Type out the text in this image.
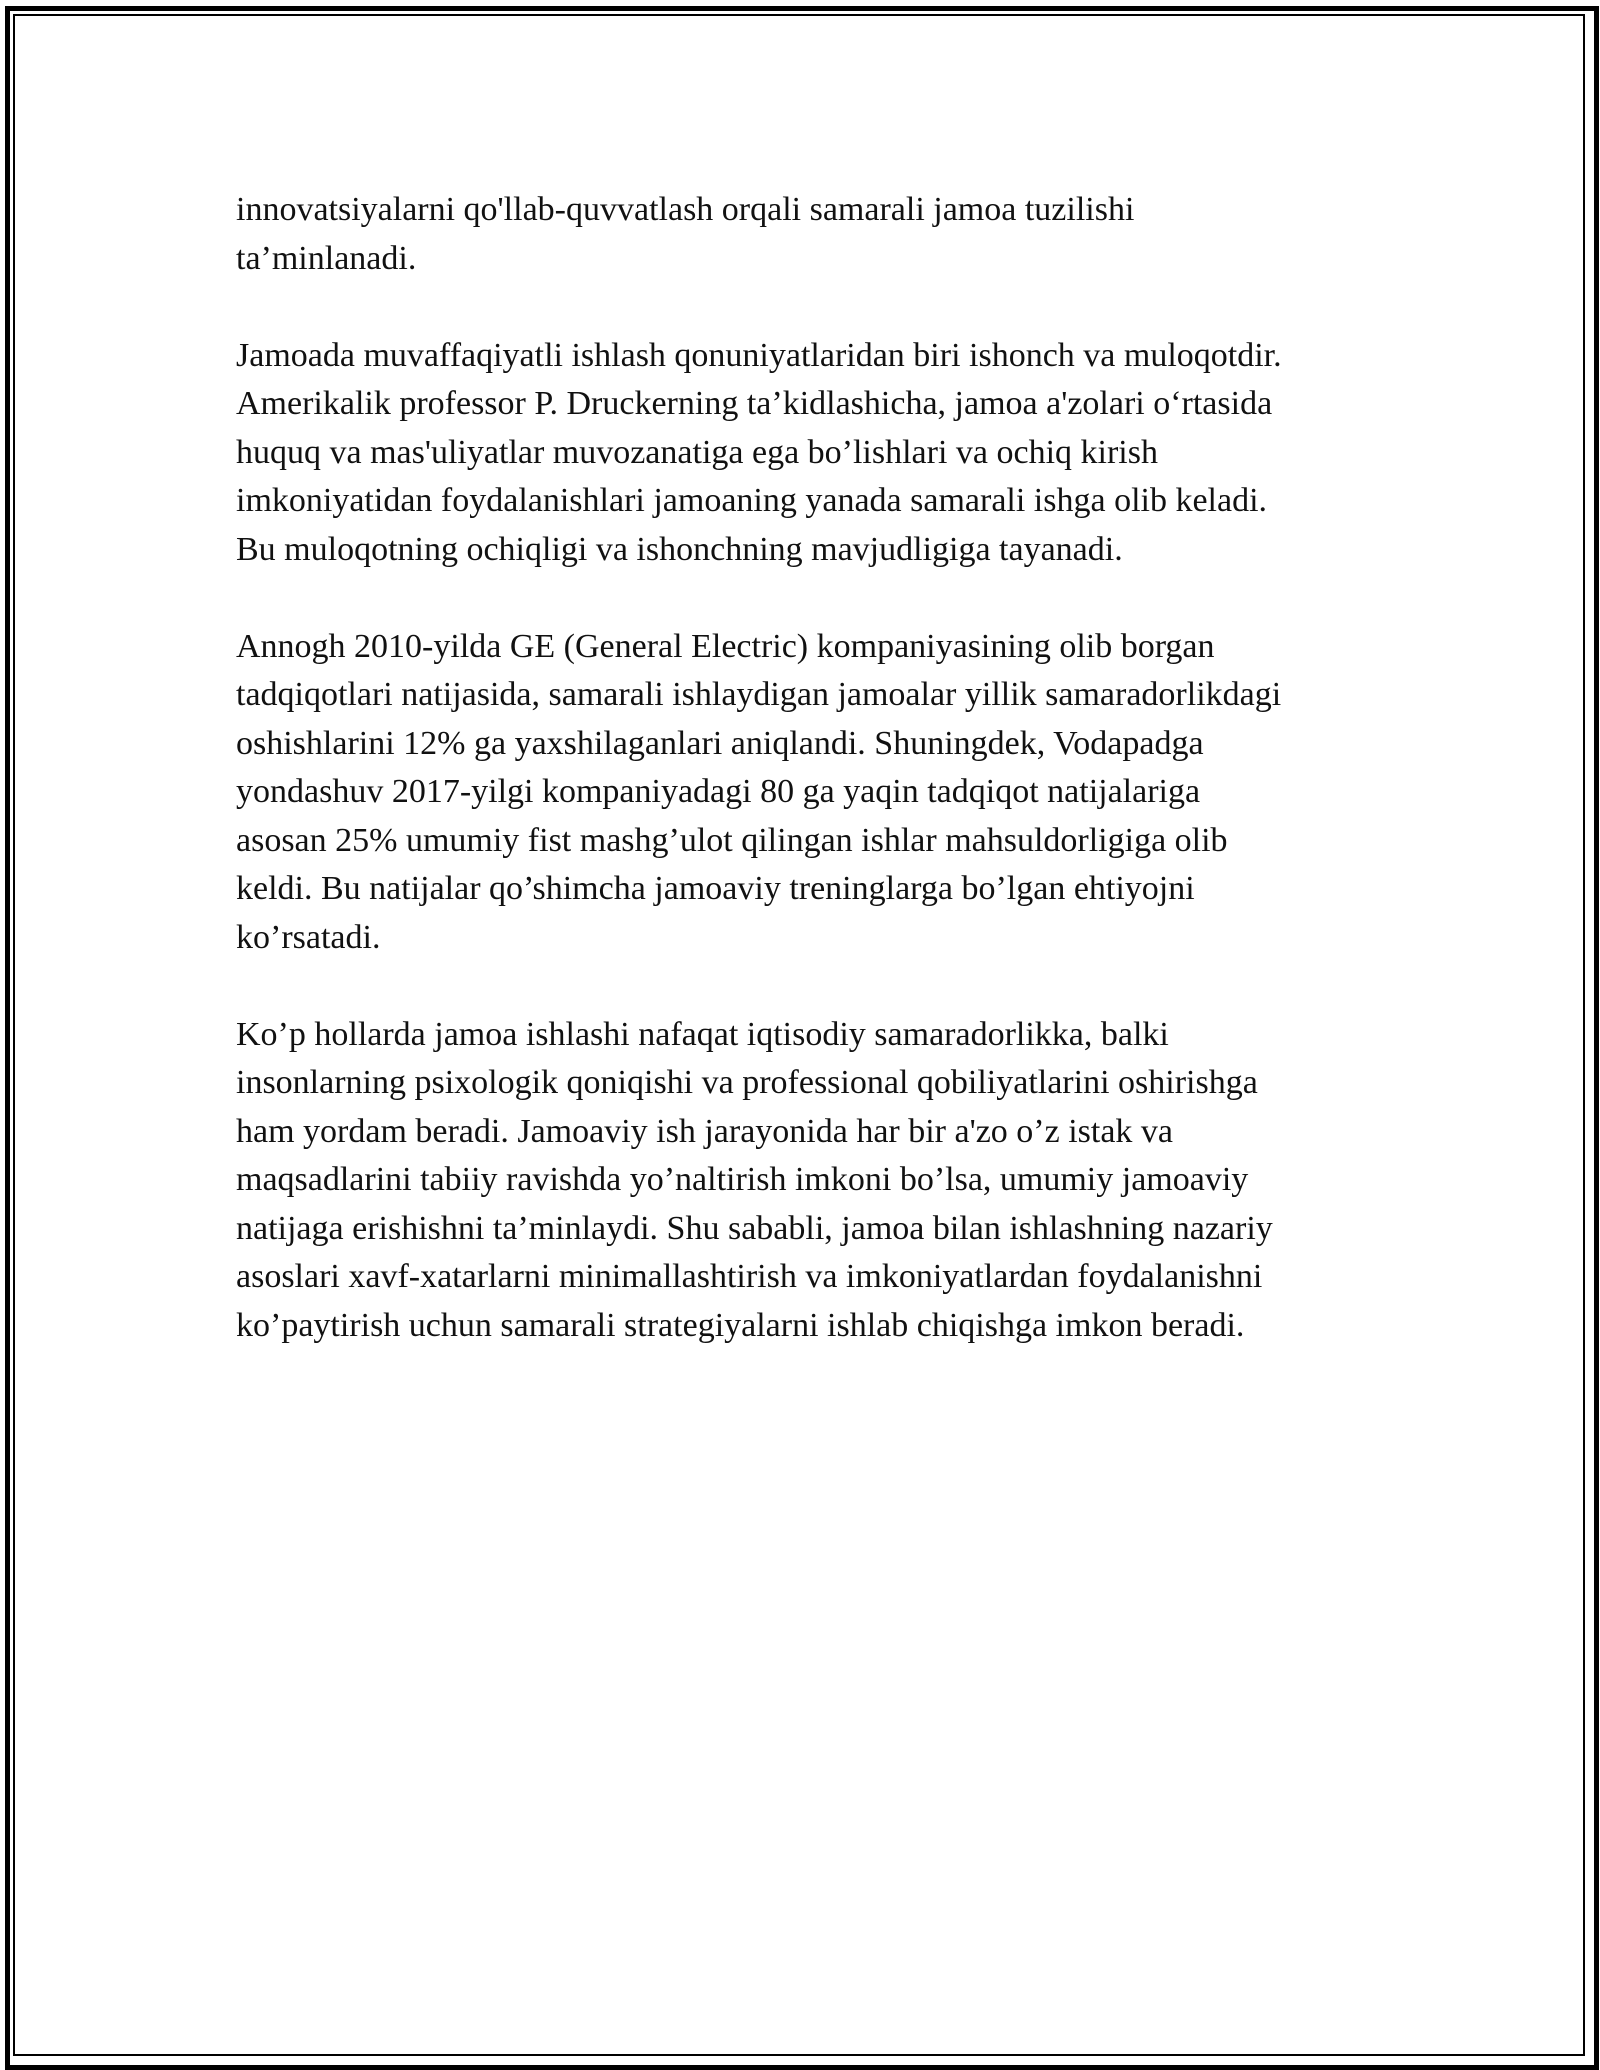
innovatsiyalarni qo'llab-quvvatlash orqali samarali jamoa tuzilishi
ta’minlanadi.

Jamoada muvaffaqiyatli ishlash qonuniyatlaridan biri ishonch va muloqotdir.
Amerikalik professor P. Druckerning ta’kidlashicha, jamoa a'zolari o‘rtasida
huquq va mas'uliyatlar muvozanatiga ega bo’lishlari va ochiq kirish
imkoniyatidan foydalanishlari jamoaning yanada samarali ishga olib keladi.
Bu muloqotning ochiqligi va ishonchning mavjudligiga tayanadi.

Annogh 2010-yilda GE (General Electric) kompaniyasining olib borgan
tadqiqotlari natijasida, samarali ishlaydigan jamoalar yillik samaradorlikdagi
oshishlarini 12% ga yaxshilaganlari aniqlandi. Shuningdek, Vodapadga
yondashuv 2017-yilgi kompaniyadagi 80 ga yaqin tadqiqot natijalariga
asosan 25% umumiy fist mashg’ulot qilingan ishlar mahsuldorligiga olib
keldi. Bu natijalar qo’shimcha jamoaviy treninglarga bo’lgan ehtiyojni
ko’rsatadi.

Ko’p hollarda jamoa ishlashi nafaqat iqtisodiy samaradorlikka, balki
insonlarning psixologik qoniqishi va professional qobiliyatlarini oshirishga
ham yordam beradi. Jamoaviy ish jarayonida har bir a'zo o’z istak va
maqsadlarini tabiiy ravishda yo’naltirish imkoni bo’lsa, umumiy jamoaviy
natijaga erishishni ta’minlaydi. Shu sababli, jamoa bilan ishlashning nazariy
asoslari xavf-xatarlarni minimallashtirish va imkoniyatlardan foydalanishni
ko’paytirish uchun samarali strategiyalarni ishlab chiqishga imkon beradi.
